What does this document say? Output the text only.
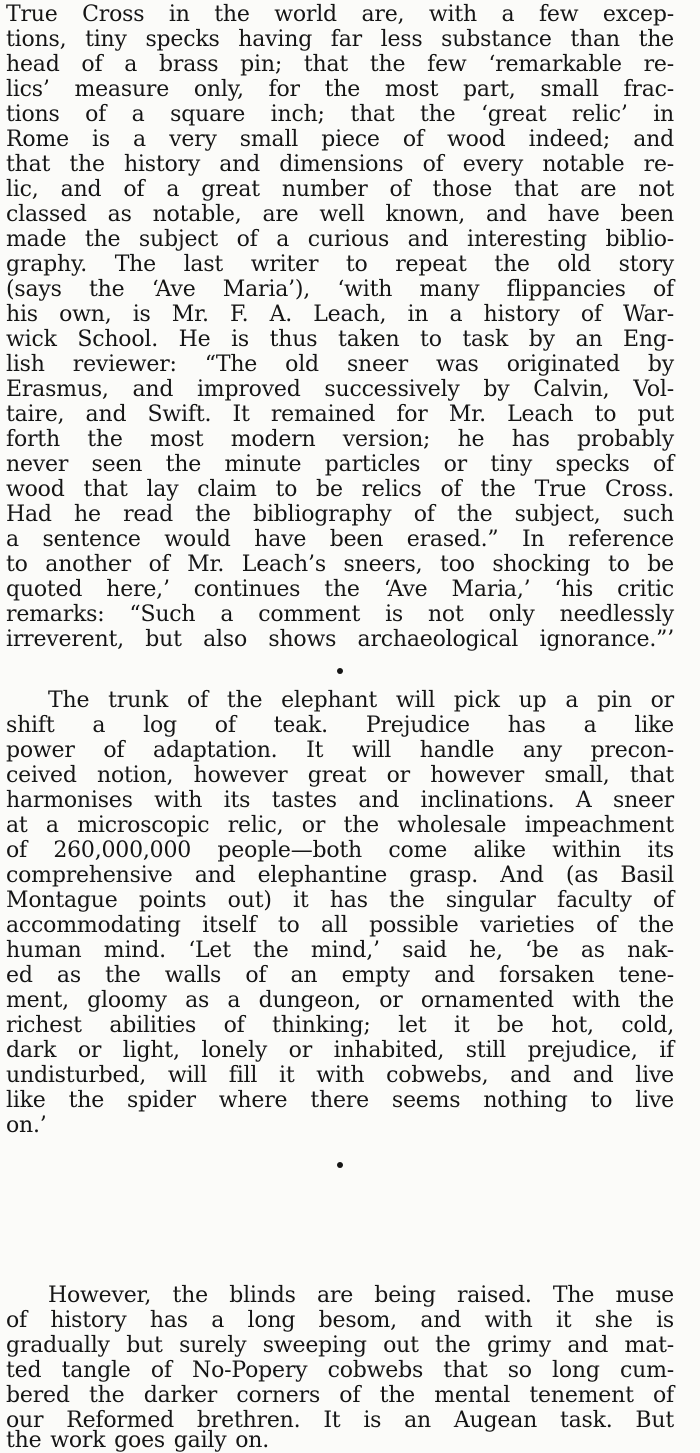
True Cross in the world are, with a few excep-
tions, tiny specks having far less substance than the
head of a brass pin; that the few ‘remarkable re-
lics’ measure only, for the most part, small frac-
tions of a square inch; that the ‘great relic’ in
Rome is a very small piece of wood indeed; and
that the history and dimensions of every notable re-
lic, and of a great number of those that are not
classed as notable, are well known, and have been
made the subject of a curious and interesting biblio-
graphy. The last writer to repeat the old story
(says the ‘Ave Maria’), ‘with many flippancies of
his own, is Mr. F. A. Leach, in a history of War-
wick School. He is thus taken to task by an Eng-
lish reviewer: “The old sneer was originated by
Erasmus, and improved successively by Calvin, Vol-
taire, and Swift. It remained for Mr. Leach to put
forth the most modern version; he has probably
never seen the minute particles or tiny specks of
wood that lay claim to be relics of the True Cross.
Had he read the bibliography of the subject, such
a sentence would have been erased.” In reference
to another of Mr. Leach’s sneers, too shocking to be
quoted here,’ continues the ‘Ave Maria,’ ‘his critic
remarks: “Such a comment is not only needlessly
irreverent, but also shows archaeological ignorance.”’
The trunk of the elephant will pick up a pin or
shift a log of teak. Prejudice has a like
power of adaptation. It will handle any precon-
ceived notion, however great or however small, that
harmonises with its tastes and inclinations. A sneer
at a microscopic relic, or the wholesale impeachment
of 260,000,000 people—both come alike within its
comprehensive and elephantine grasp. And (as Basil
Montague points out) it has the singular faculty of
accommodating itself to all possible varieties of the
human mind. ‘Let the mind,’ said he, ‘be as nak-
ed as the walls of an empty and forsaken tene-
ment, gloomy as a dungeon, or ornamented with the
richest abilities of thinking; let it be hot, cold,
dark or light, lonely or inhabited, still prejudice, if
undisturbed, will fill it with cobwebs, and and live
like the spider where there seems nothing to live
on.’
However, the blinds are being raised. The muse
of history has a long besom, and with it she is
gradually but surely sweeping out the grimy and mat-
ted tangle of No-Popery cobwebs that so long cum-
bered the darker corners of the mental tenement of
our Reformed brethren. It is an Augean task. But
the work goes gaily on.
